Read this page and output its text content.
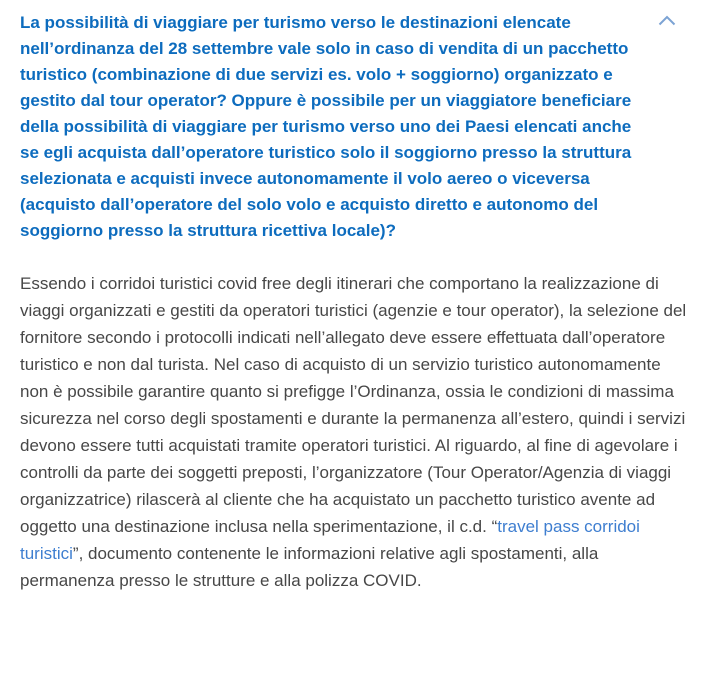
La possibilità di viaggiare per turismo verso le destinazioni elencate nell’ordinanza del 28 settembre vale solo in caso di vendita di un pacchetto turistico (combinazione di due servizi es. volo + soggiorno) organizzato e gestito dal tour operator? Oppure è possibile per un viaggiatore beneficiare della possibilità di viaggiare per turismo verso uno dei Paesi elencati anche se egli acquista dall’operatore turistico solo il soggiorno presso la struttura selezionata e acquisti invece autonomamente il volo aereo o viceversa (acquisto dall’operatore del solo volo e acquisto diretto e autonomo del soggiorno presso la struttura ricettiva locale)?

Essendo i corridoi turistici covid free degli itinerari che comportano la realizzazione di viaggi organizzati e gestiti da operatori turistici (agenzie e tour operator), la selezione del fornitore secondo i protocolli indicati nell’allegato deve essere effettuata dall’operatore turistico e non dal turista. Nel caso di acquisto di un servizio turistico autonomamente non è possibile garantire quanto si prefigge l’Ordinanza, ossia le condizioni di massima sicurezza nel corso degli spostamenti e durante la permanenza all’estero, quindi i servizi devono essere tutti acquistati tramite operatori turistici. Al riguardo, al fine di agevolare i controlli da parte dei soggetti preposti, l’organizzatore (Tour Operator/Agenzia di viaggi organizzatrice) rilascerà al cliente che ha acquistato un pacchetto turistico avente ad oggetto una destinazione inclusa nella sperimentazione, il c.d. “travel pass corridoi turistici”, documento contenente le informazioni relative agli spostamenti, alla permanenza presso le strutture e alla polizza COVID.
